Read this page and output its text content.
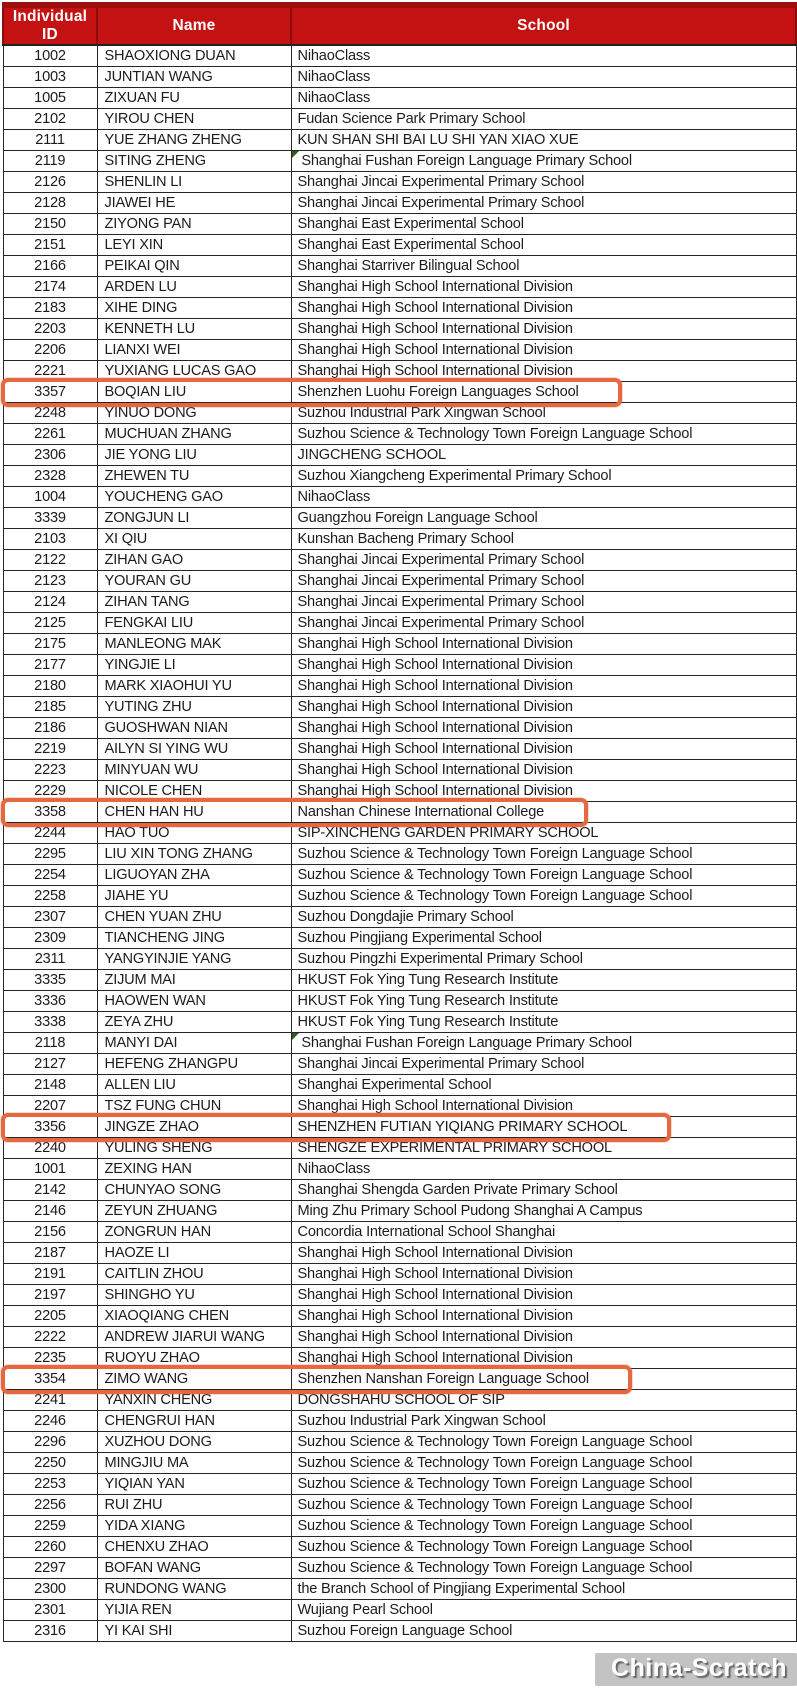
Individual ID	Name	School
1002	SHAOXIONG DUAN	NihaoClass
1003	JUNTIAN WANG	NihaoClass
1005	ZIXUAN FU	NihaoClass
2102	YIROU CHEN	Fudan Science Park Primary School
2111	YUE ZHANG ZHENG	KUN SHAN SHI BAI LU SHI YAN XIAO XUE
2119	SITING ZHENG	Shanghai Fushan Foreign Language Primary School
2126	SHENLIN LI	Shanghai Jincai Experimental Primary School
2128	JIAWEI HE	Shanghai Jincai Experimental Primary School
2150	ZIYONG PAN	Shanghai East Experimental School
2151	LEYI XIN	Shanghai East Experimental School
2166	PEIKAI QIN	Shanghai Starriver Bilingual School
2174	ARDEN LU	Shanghai High School International Division
2183	XIHE DING	Shanghai High School International Division
2203	KENNETH LU	Shanghai High School International Division
2206	LIANXI WEI	Shanghai High School International Division
2221	YUXIANG LUCAS GAO	Shanghai High School International Division
3357	BOQIAN LIU	Shenzhen Luohu Foreign Languages School
2248	YINUO DONG	Suzhou Industrial Park Xingwan School
2261	MUCHUAN ZHANG	Suzhou Science & Technology Town Foreign Language School
2306	JIE YONG LIU	JINGCHENG SCHOOL
2328	ZHEWEN TU	Suzhou Xiangcheng Experimental Primary School
1004	YOUCHENG GAO	NihaoClass
3339	ZONGJUN LI	Guangzhou Foreign Language School
2103	XI QIU	Kunshan Bacheng Primary School
2122	ZIHAN GAO	Shanghai Jincai Experimental Primary School
2123	YOURAN GU	Shanghai Jincai Experimental Primary School
2124	ZIHAN TANG	Shanghai Jincai Experimental Primary School
2125	FENGKAI LIU	Shanghai Jincai Experimental Primary School
2175	MANLEONG MAK	Shanghai High School International Division
2177	YINGJIE LI	Shanghai High School International Division
2180	MARK XIAOHUI YU	Shanghai High School International Division
2185	YUTING ZHU	Shanghai High School International Division
2186	GUOSHWAN NIAN	Shanghai High School International Division
2219	AILYN SI YING WU	Shanghai High School International Division
2223	MINYUAN WU	Shanghai High School International Division
2229	NICOLE CHEN	Shanghai High School International Division
3358	CHEN HAN HU	Nanshan Chinese International College
2244	HAO TUO	SIP-XINCHENG GARDEN PRIMARY SCHOOL
2295	LIU XIN TONG ZHANG	Suzhou Science & Technology Town Foreign Language School
2254	LIGUOYAN ZHA	Suzhou Science & Technology Town Foreign Language School
2258	JIAHE YU	Suzhou Science & Technology Town Foreign Language School
2307	CHEN YUAN ZHU	Suzhou Dongdajie Primary School
2309	TIANCHENG JING	Suzhou Pingjiang Experimental School
2311	YANGYINJIE YANG	Suzhou Pingzhi Experimental Primary School
3335	ZIJUM MAI	HKUST Fok Ying Tung Research Institute
3336	HAOWEN WAN	HKUST Fok Ying Tung Research Institute
3338	ZEYA ZHU	HKUST Fok Ying Tung Research Institute
2118	MANYI DAI	Shanghai Fushan Foreign Language Primary School
2127	HEFENG ZHANGPU	Shanghai Jincai Experimental Primary School
2148	ALLEN LIU	Shanghai Experimental School
2207	TSZ FUNG CHUN	Shanghai High School International Division
3356	JINGZE ZHAO	SHENZHEN FUTIAN YIQIANG PRIMARY SCHOOL
2240	YULING SHENG	SHENGZE EXPERIMENTAL PRIMARY SCHOOL
1001	ZEXING HAN	NihaoClass
2142	CHUNYAO SONG	Shanghai Shengda Garden Private Primary School
2146	ZEYUN ZHUANG	Ming Zhu Primary School Pudong Shanghai A Campus
2156	ZONGRUN HAN	Concordia International School Shanghai
2187	HAOZE LI	Shanghai High School International Division
2191	CAITLIN ZHOU	Shanghai High School International Division
2197	SHINGHO YU	Shanghai High School International Division
2205	XIAOQIANG CHEN	Shanghai High School International Division
2222	ANDREW JIARUI WANG	Shanghai High School International Division
2235	RUOYU ZHAO	Shanghai High School International Division
3354	ZIMO WANG	Shenzhen Nanshan Foreign Language School
2241	YANXIN CHENG	DONGSHAHU SCHOOL OF SIP
2246	CHENGRUI HAN	Suzhou Industrial Park Xingwan School
2296	XUZHOU DONG	Suzhou Science & Technology Town Foreign Language School
2250	MINGJIU MA	Suzhou Science & Technology Town Foreign Language School
2253	YIQIAN YAN	Suzhou Science & Technology Town Foreign Language School
2256	RUI ZHU	Suzhou Science & Technology Town Foreign Language School
2259	YIDA XIANG	Suzhou Science & Technology Town Foreign Language School
2260	CHENXU ZHAO	Suzhou Science & Technology Town Foreign Language School
2297	BOFAN WANG	Suzhou Science & Technology Town Foreign Language School
2300	RUNDONG WANG	the Branch School of Pingjiang Experimental School
2301	YIJIA REN	Wujiang Pearl School
2316	YI KAI SHI	Suzhou Foreign Language School
China-Scratch
